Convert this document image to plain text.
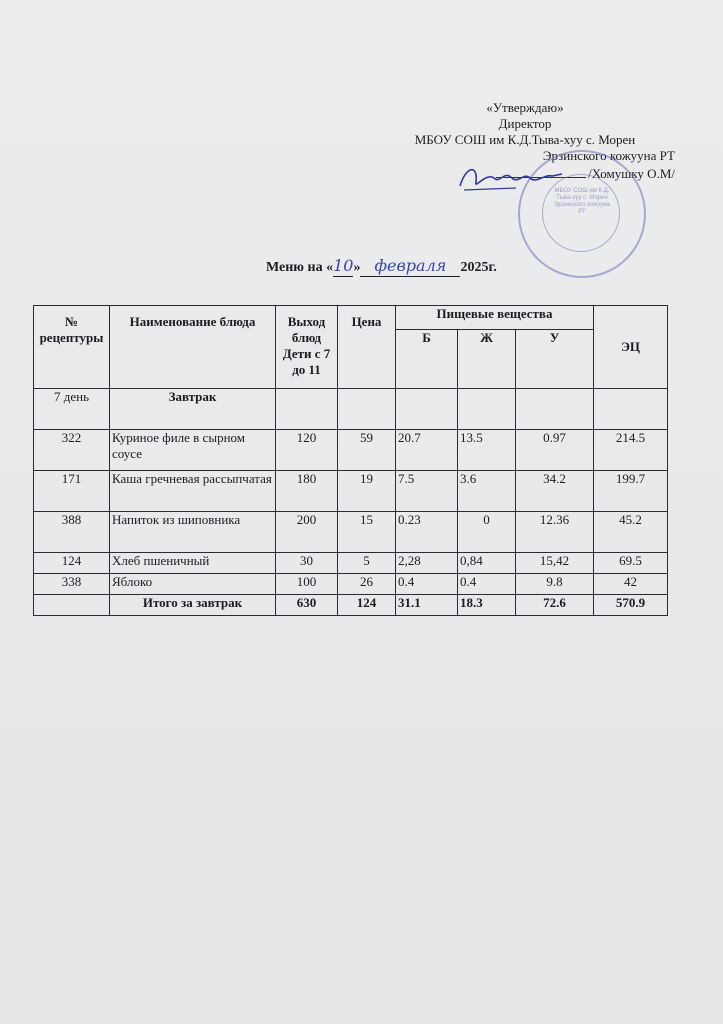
«Утверждаю»
Директор
МБОУ СОШ им К.Д.Тыва-хуу с. Морен
Эрзинского кожууна РТ
/Хомушку О.М/
МБОУ СОШ им К.Д. Тыва-хуу с. Морен Эрзинского кожууна РТ
Меню на «10» февраля 2025г.
№ рецептуры	Наименование блюда	Выход блюд Дети с 7 до 11	Цена	Пищевые вещества			ЭЦ
				Б	Ж	У	
7 день	Завтрак						
322	Куриное филе в сырном соусе	120	59	20.7	13.5	0.97	214.5
171	Каша гречневая рассыпчатая	180	19	7.5	3.6	34.2	199.7
388	Напиток из шиповника	200	15	0.23	0	12.36	45.2
124	Хлеб пшеничный	30	5	2,28	0,84	15,42	69.5
338	Яблоко	100	26	0.4	0.4	9.8	42
	Итого за завтрак	630	124	31.1	18.3	72.6	570.9
